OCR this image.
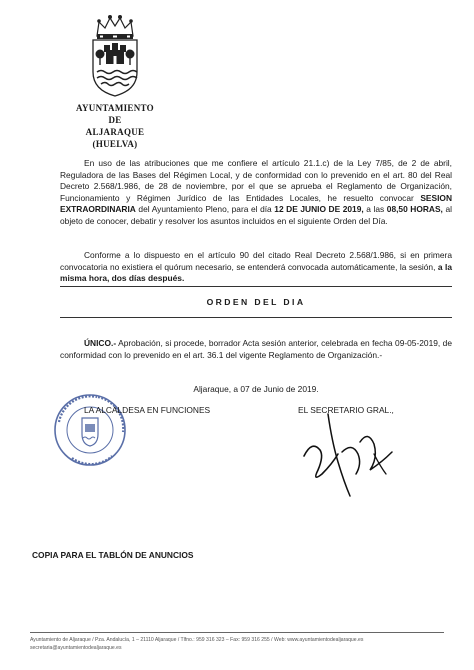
AYUNTAMIENTO
DE
ALJARAQUE
(HUELVA)
En uso de las atribuciones que me confiere el artículo 21.1.c) de la Ley 7/85, de 2 de abril, Reguladora de las Bases del Régimen Local, y de conformidad con lo prevenido en el art. 80 del Real Decreto 2.568/1.986, de 28 de noviembre, por el que se aprueba el Reglamento de Organización, Funcionamiento y Régimen Jurídico de las Entidades Locales, he resuelto convocar SESION EXTRAORDINARIA del Ayuntamiento Pleno, para el día 12 DE JUNIO DE 2019, a las 08,50 HORAS, al objeto de conocer, debatir y resolver los asuntos incluidos en el siguiente Orden del Día.
Conforme a lo dispuesto en el artículo 90 del citado Real Decreto 2.568/1.986, si en primera convocatoria no existiera el quórum necesario, se entenderá convocada automáticamente, la sesión, a la misma hora, dos días después.
ORDEN DEL DIA
ÚNICO.- Aprobación, si procede, borrador Acta sesión anterior, celebrada en fecha 09-05-2019, de conformidad con lo prevenido en el art. 36.1 del vigente Reglamento de Organización.-
Aljaraque, a 07 de Junio de 2019.
LA ALCALDESA EN FUNCIONES	EL SECRETARIO GRAL.,
COPIA PARA EL TABLÓN DE ANUNCIOS
Ayuntamiento de Aljaraque / Pza. Andalucía, 1 – 21110 Aljaraque / Tlfno.: 959 316 323 – Fax: 959 316 255 / Web: www.ayuntamientodealjaraque.es
secretaria@ayuntamientodealjaraque.es
